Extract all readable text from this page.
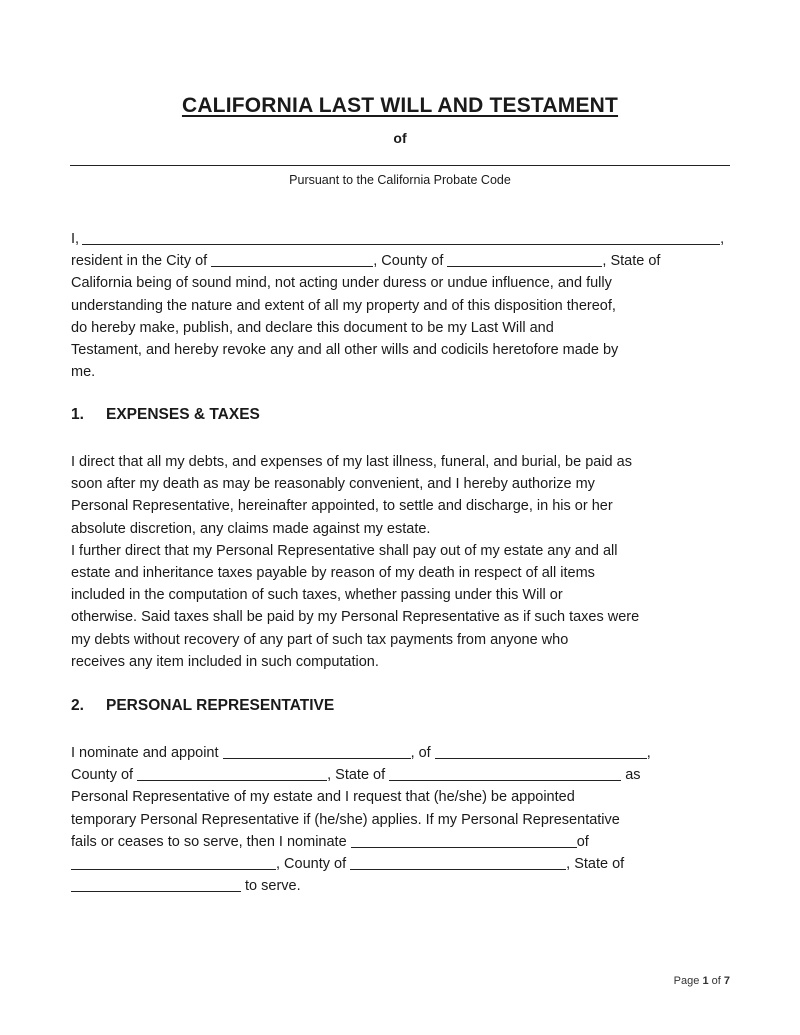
CALIFORNIA LAST WILL AND TESTAMENT
of
Pursuant to the California Probate Code
I,	,
resident in the City of	, County of	, State of
California being of sound mind, not acting under duress or undue influence, and fully
understanding the nature and extent of all my property and of this disposition thereof,
do hereby make, publish, and declare this document to be my Last Will and
Testament, and hereby revoke any and all other wills and codicils heretofore made by
me.
1. EXPENSES & TAXES
I direct that all my debts, and expenses of my last illness, funeral, and burial, be paid as
soon after my death as may be reasonably convenient, and I hereby authorize my
Personal Representative, hereinafter appointed, to settle and discharge, in his or her
absolute discretion, any claims made against my estate.
I further direct that my Personal Representative shall pay out of my estate any and all
estate and inheritance taxes payable by reason of my death in respect of all items
included in the computation of such taxes, whether passing under this Will or
otherwise. Said taxes shall be paid by my Personal Representative as if such taxes were
my debts without recovery of any part of such tax payments from anyone who
receives any item included in such computation.
2. PERSONAL REPRESENTATIVE
I nominate and appoint	, of	,
County of	, State of	as
Personal Representative of my estate and I request that (he/she) be appointed
temporary Personal Representative if (he/she) applies. If my Personal Representative
fails or ceases to so serve, then I nominate	of
, County of	, State of
to serve.
Page 1 of 7
